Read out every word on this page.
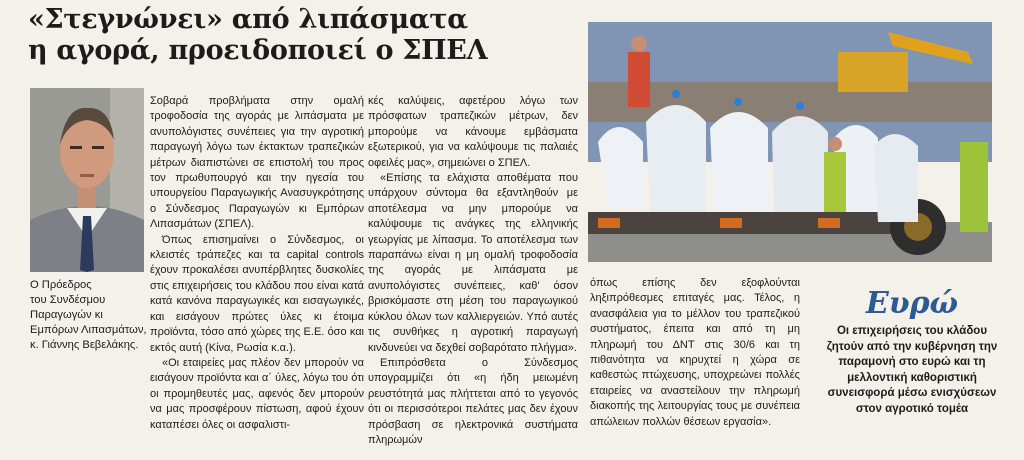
«Στεγνώνει» από λιπάσματα
η αγορά, προειδοποιεί ο ΣΠΕΛ
Ο Πρόεδρος
του Συνδέσμου
Παραγωγών κι
Εμπόρων Λιπασμάτων,
κ. Γιάννης Βεβελάκης.

Σοβαρά προβλήματα στην ομαλή τροφοδοσία της αγοράς με λιπάσματα με ανυπολόγιστες συνέπειες για την αγροτική παραγωγή λόγω των έκτακτων τραπεζικών μέτρων διαπιστώνει σε επιστολή του προς τον πρωθυπουργό και την ηγεσία του υπουργείου Παραγωγικής Ανασυγκρότησης ο Σύνδεσμος Παραγωγών κι Εμπόρων Λιπασμάτων (ΣΠΕΛ).

Όπως επισημαίνει ο Σύνδεσμος, οι κλειστές τράπεζες και τα capital controls έχουν προκαλέσει ανυπέρβλητες δυσκολίες στις επιχειρήσεις του κλάδου που είναι κατά κατά κανόνα παραγωγικές και εισαγωγικές, και εισάγουν πρώτες ύλες κι έτοιμα προϊόντα, τόσο από χώρες της Ε.Ε. όσο και εκτός αυτή (Κίνα, Ρωσία κ.α.).

«Οι εταιρείες μας πλέον δεν μπορούν να εισάγουν προϊόντα και α΄ ύλες, λόγω του ότι οι προμηθευτές μας, αφενός δεν μπορούν να μας προσφέρουν πίστωση, αφού έχουν καταπέσει όλες οι ασφαλιστι-

κές καλύψεις, αφετέρου λόγω των πρόσφατων τραπεζικών μέτρων, δεν μπορούμε να κάνουμε εμβάσματα εξωτερικού, για να καλύψουμε τις παλαιές οφειλές μας», σημειώνει ο ΣΠΕΛ.

«Επίσης τα ελάχιστα αποθέματα που υπάρχουν σύντομα θα εξαντληθούν με αποτέλεσμα να μην μπορούμε να καλύψουμε τις ανάγκες της ελληνικής γεωργίας με λίπασμα. Το αποτέλεσμα των παραπάνω είναι η μη ομαλή τροφοδοσία της αγοράς με λιπάσματα με ανυπολόγιστες συνέπειες, καθ' όσον βρισκόμαστε στη μέση του παραγωγικού κύκλου όλων των καλλιεργειών. Υπό αυτές τις συνθήκες η αγροτική παραγωγή κινδυνεύει να δεχθεί σοβαρότατο πλήγμα».

Επιπρόσθετα ο Σύνδεσμος υπογραμμίζει ότι «η ήδη μειωμένη ρευστότητά μας πλήττεται από το γεγονός ότι οι περισσότεροι πελάτες μας δεν έχουν πρόσβαση σε ηλεκτρονικά συστήματα πληρωμών

όπως επίσης δεν εξοφλούνται ληξιπρόθεσμες επιταγές μας. Τέλος, η ανασφάλεια για το μέλλον του τραπεζικού συστήματος, έπειτα και από τη μη πληρωμή του ΔΝΤ στις 30/6 και τη πιθανότητα να κηρυχτεί η χώρα σε καθεστώς πτώχευσης, υποχρεώνει πολλές εταιρείες να αναστείλουν την πληρωμή διακοπής της λειτουργίας τους με συνέπεια απώλειων πολλών θέσεων εργασία».

Ευρώ
Οι επιχειρήσεις του κλάδου ζητούν από την κυβέρνηση την παραμονή στο ευρώ και τη μελλοντική καθοριστική συνεισφορά μέσω ενισχύσεων στον αγροτικό τομέα
